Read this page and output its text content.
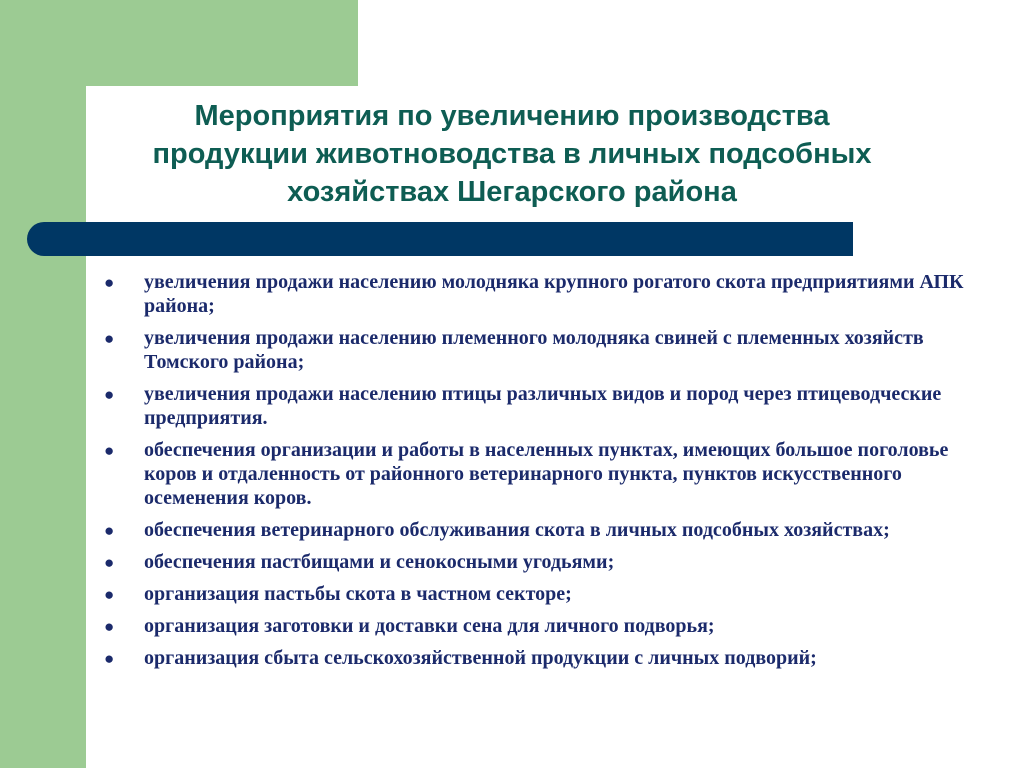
Мероприятия по увеличению производства
продукции животноводства в личных подсобных
хозяйствах Шегарского района
● увеличения продажи населению молодняка крупного рогатого скота предприятиями АПК района;
● увеличения продажи населению племенного молодняка свиней с племенных хозяйств Томского района;
● увеличения продажи населению птицы различных видов и пород через птицеводческие предприятия.
● обеспечения организации и работы в населенных пунктах, имеющих большое поголовье коров и отдаленность от районного ветеринарного пункта, пунктов искусственного осеменения коров.
● обеспечения ветеринарного обслуживания скота в личных подсобных хозяйствах;
● обеспечения пастбищами и сенокосными угодьями;
● организация пастьбы скота в частном секторе;
● организация заготовки и доставки сена для личного подворья;
● организация сбыта сельскохозяйственной продукции с личных подворий;
